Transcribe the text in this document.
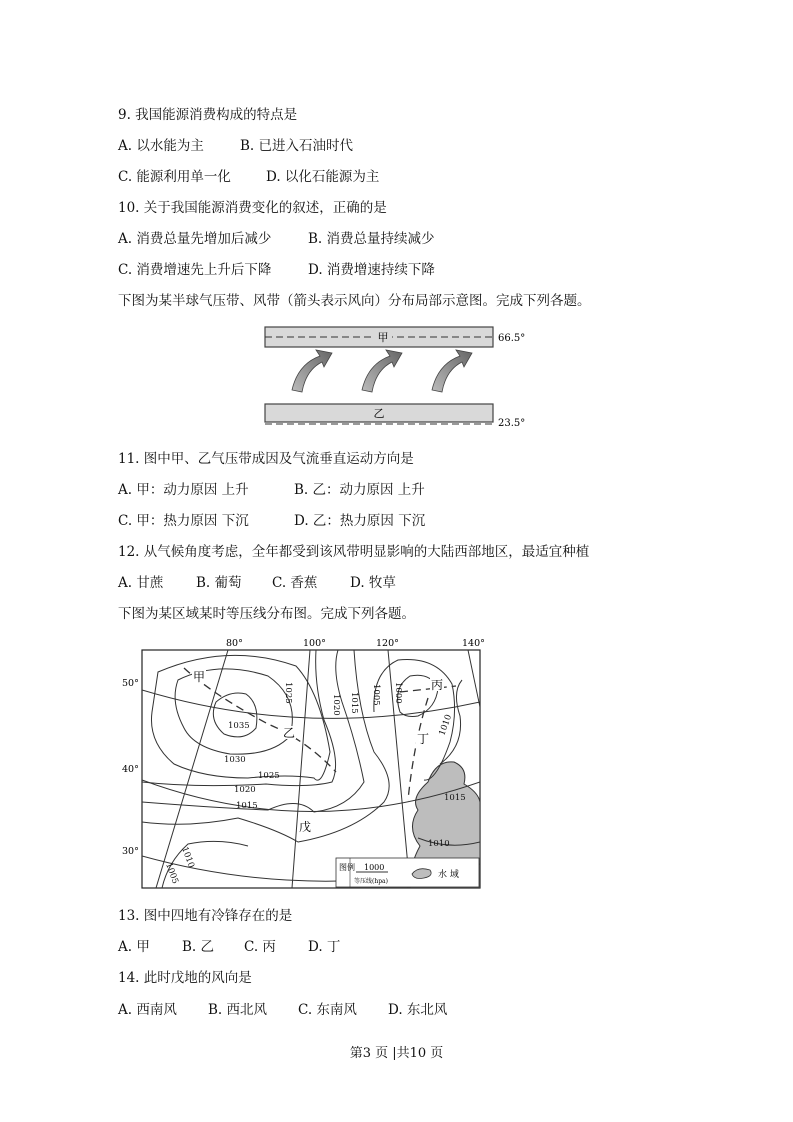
9. 我国能源消费构成的特点是
A. 以水能为主	B. 已进入石油时代
C. 能源利用单一化	D. 以化石能源为主
10. 关于我国能源消费变化的叙述，正确的是
A. 消费总量先增加后减少	B. 消费总量持续减少
C. 消费增速先上升后下降	D. 消费增速持续下降
下图为某半球气压带、风带（箭头表示风向）分布局部示意图。完成下列各题。
甲	66.5°
乙
23.5°
11. 图中甲、乙气压带成因及气流垂直运动方向是
A. 甲：动力原因 上升	B. 乙：动力原因 上升
C. 甲：热力原因 下沉	D. 乙：热力原因 下沉
12. 从气候角度考虑，全年都受到该风带明显影响的大陆西部地区，最适宜种植
A. 甘蔗 B. 葡萄 C. 香蕉 D. 牧草
下图为某区域某时等压线分布图。完成下列各题。
80°	100°	120°	140°
50°
40°
30°
甲
乙
丙
丁
戊
1035
1030
1025
1020
1015
1025
1020 1015 1005 1000
1010
1015
1010
1010
1005	图例 1000
等压线(hpa)
水 域
13. 图中四地有冷锋存在的是
A. 甲 B. 乙 C. 丙 D. 丁
14. 此时戊地的风向是
A. 西南风 B. 西北风 C. 东南风 D. 东北风
第3 页 |共10 页
